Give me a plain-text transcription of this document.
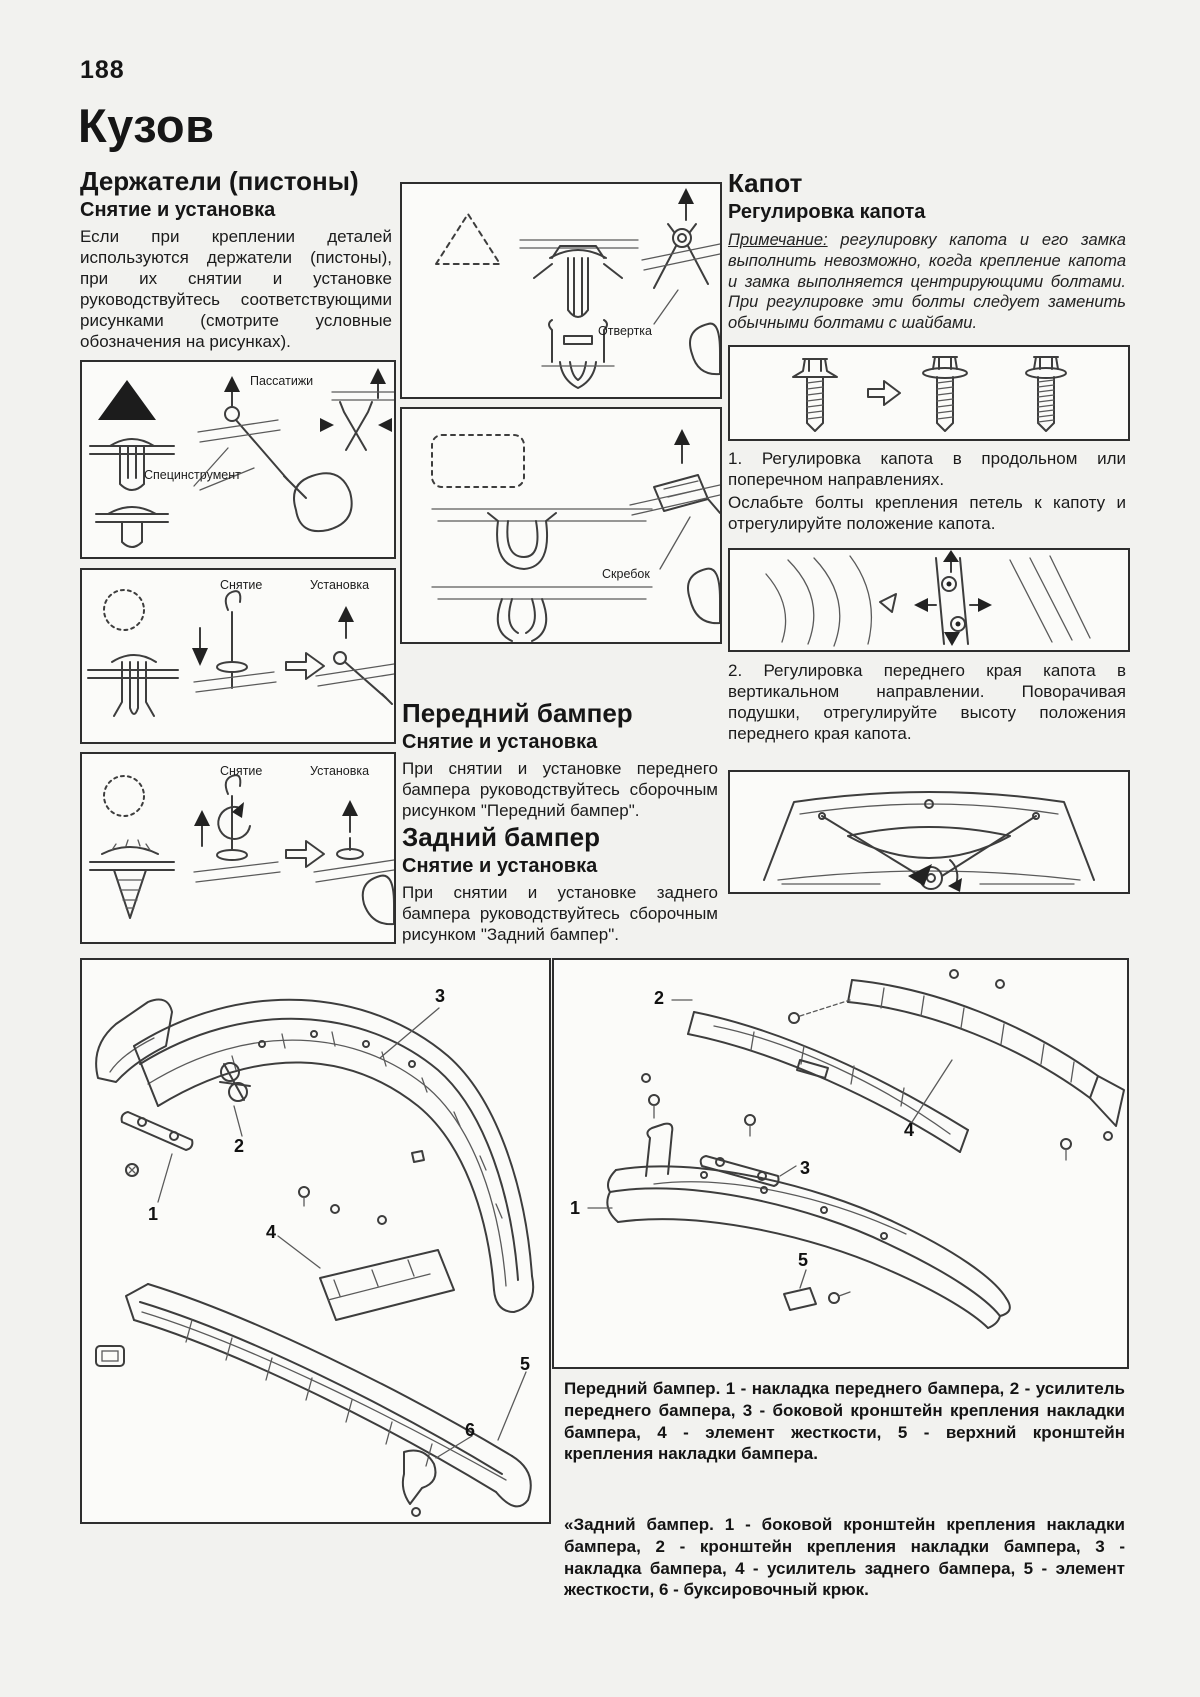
188
Кузов
Держатели (пистоны)
Снятие и установка
Если при креплении деталей используются держатели (пистоны), при их снятии и установке руководствуйтесь соответствующими рисунками (смотрите условные обозначения на рисунках).
Пассатижи
Специнструмент
Снятие	Установка
Снятие	Установка
Отвертка
Скребок
Передний бампер
Снятие и установка
При снятии и установке переднего бампера руководствуйтесь сборочным рисунком "Передний бампер".
Задний бампер
Снятие и установка
При снятии и установке заднего бампера руководствуйтесь сборочным рисунком "Задний бампер".
Капот
Регулировка капота
Примечание: регулировку капота и его замка выполнить невозможно, когда крепление капота и замка выполняется центрирующими болтами. При регулировке эти болты следует заменить обычными болтами с шайбами.
1. Регулировка капота в продольном или поперечном направлениях.
Ослабьте болты крепления петель к капоту и отрегулируйте положение капота.
2. Регулировка переднего края капота в вертикальном направлении. Поворачивая подушки, отрегулируйте высоту положения переднего края капота.
3
2
1
4
5
6
2
4
3
1
5
Передний бампер. 1 - накладка переднего бампера, 2 - усилитель переднего бампера, 3 - боковой кронштейн крепления накладки бампера, 4 - элемент жесткости, 5 - верхний кронштейн крепления накладки бампера.
«Задний бампер. 1 - боковой кронштейн крепления накладки бампера, 2 - кронштейн крепления накладки бампера, 3 - накладка бампера, 4 - усилитель заднего бампера, 5 - элемент жесткости, 6 - буксировочный крюк.
